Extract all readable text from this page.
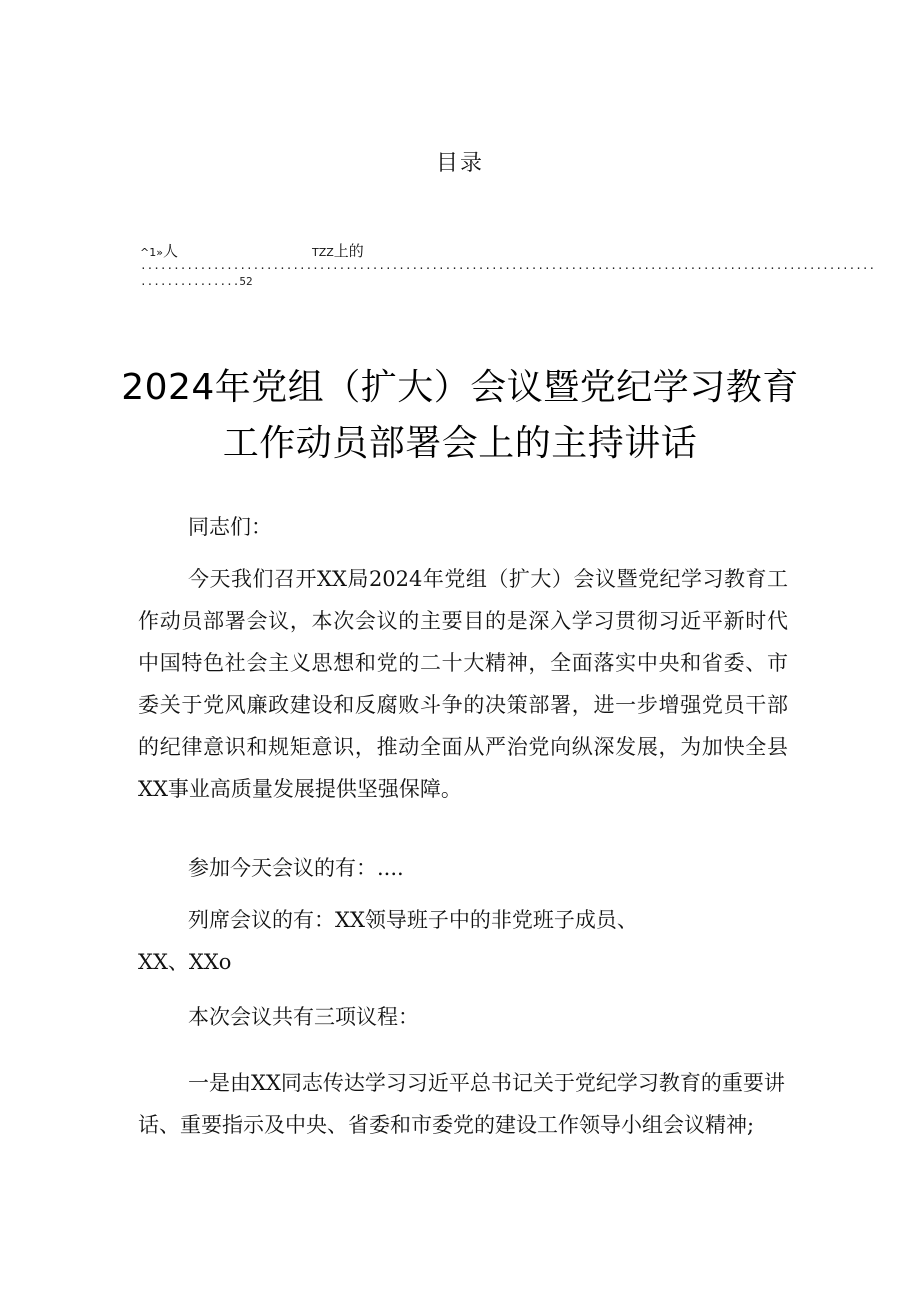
目录
^1»人	TZZ上的
...............................................................................................................
...............52
2024年党组（扩大）会议暨党纪学习教育
工作动员部署会上的主持讲话
同志们：
今天我们召开XX局2024年党组（扩大）会议暨党纪学习教育工作动员部署会议，本次会议的主要目的是深入学习贯彻习近平新时代中国特色社会主义思想和党的二十大精神，全面落实中央和省委、市委关于党风廉政建设和反腐败斗争的决策部署，进一步增强党员干部的纪律意识和规矩意识，推动全面从严治党向纵深发展，为加快全县XX事业高质量发展提供坚强保障。
参加今天会议的有：....
列席会议的有：XX领导班子中的非党班子成员、
XX、XXo
本次会议共有三项议程：
一是由XX同志传达学习习近平总书记关于党纪学习教育的重要讲话、重要指示及中央、省委和市委党的建设工作领导小组会议精神;
